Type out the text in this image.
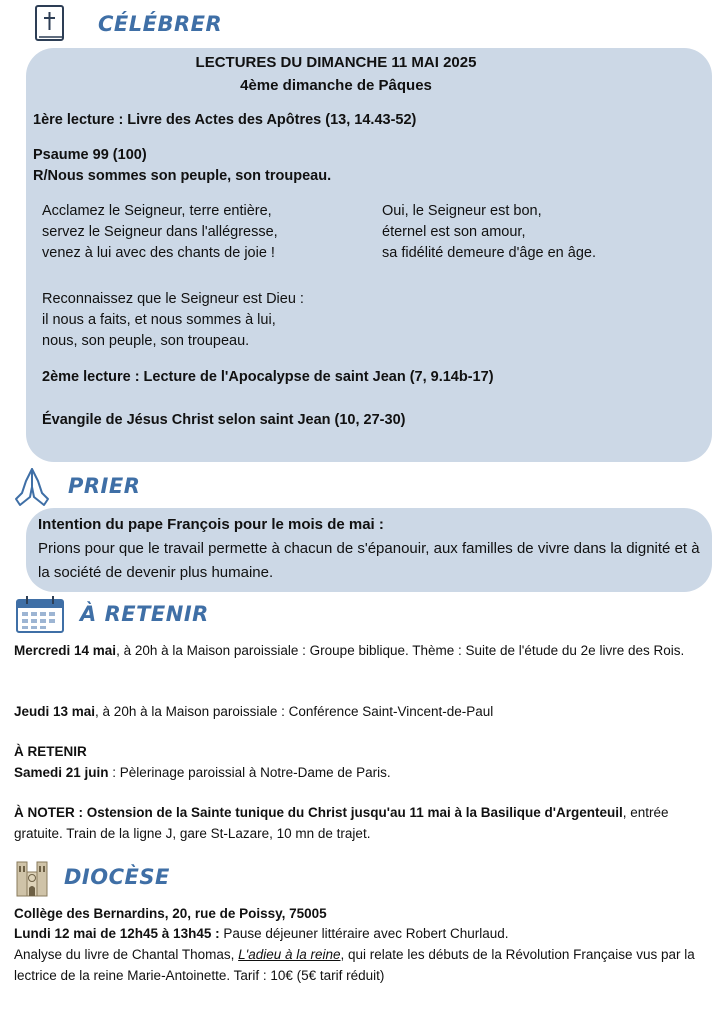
CÉLÉBRER
LECTURES DU DIMANCHE 11 MAI 2025
4ème dimanche de Pâques
1ère lecture : Livre des Actes des Apôtres (13, 14.43-52)
Psaume 99 (100)
R/Nous sommes son peuple, son troupeau.
Acclamez le Seigneur, terre entière,
servez le Seigneur dans l'allégresse,
venez à lui avec des chants de joie !
Reconnaissez que le Seigneur est Dieu :
il nous a faits, et nous sommes à lui,
nous, son peuple, son troupeau.
Oui, le Seigneur est bon,
éternel est son amour,
sa fidélité demeure d'âge en âge.
2ème lecture : Lecture de l'Apocalypse de saint Jean (7, 9.14b-17)
Évangile de Jésus Christ selon saint Jean (10, 27-30)
PRIER
Intention du pape François pour le mois de mai :
Prions pour que le travail permette à chacun de s'épanouir, aux familles de vivre dans la dignité et à la société de devenir plus humaine.
À RETENIR
Mercredi 14 mai, à 20h à la Maison paroissiale : Groupe biblique. Thème : Suite de l'étude du 2e livre des Rois.
Jeudi 13 mai, à 20h à la Maison paroissiale : Conférence Saint-Vincent-de-Paul
À RETENIR
Samedi 21 juin : Pèlerinage paroissial à Notre-Dame de Paris.
À NOTER : Ostension de la Sainte tunique du Christ jusqu'au 11 mai à la Basilique d'Argenteuil, entrée gratuite. Train de la ligne J, gare St-Lazare, 10 mn de trajet.
DIOCÈSE
Collège des Bernardins, 20, rue de Poissy, 75005
Lundi 12 mai de 12h45 à 13h45 : Pause déjeuner littéraire avec Robert Churlaud.
Analyse du livre de Chantal Thomas, L'adieu à la reine, qui relate les débuts de la Révolution Française vus par la lectrice de la reine Marie-Antoinette. Tarif : 10€ (5€ tarif réduit)
